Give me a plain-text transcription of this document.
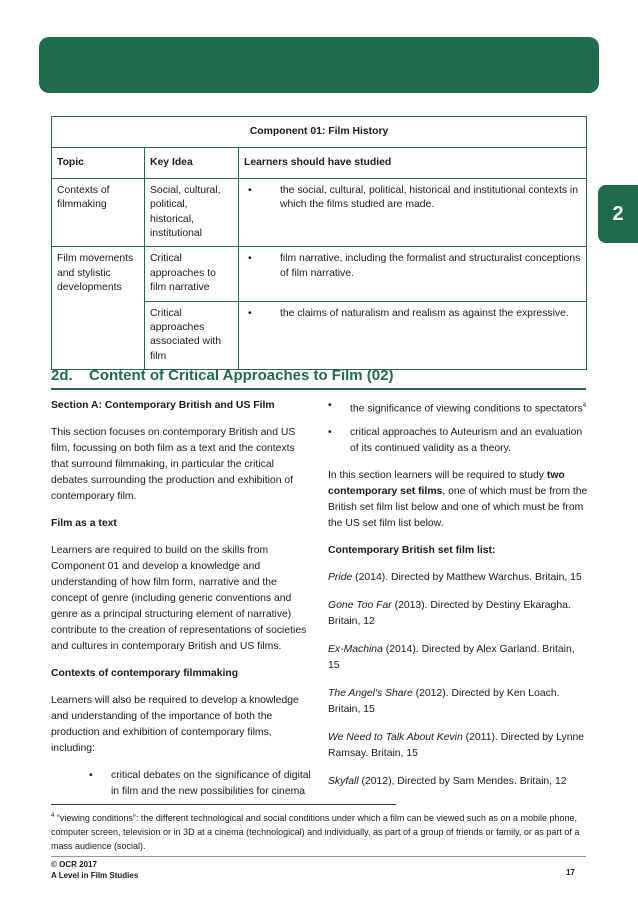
2
Component 01: Film History		
Topic	Key Idea	Learners should have studied
Contexts of filmmaking	Social, cultural, political, historical, institutional	• the social, cultural, political, historical and institutional contexts in which the films studied are made.

Film movements and stylistic developments	Critical approaches to film narrative	• film narrative, including the formalist and structuralist conceptions of film narrative.

	Critical approaches associated with film	• the claims of naturalism and realism as against the expressive.
2d. Content of Critical Approaches to Film (02)

Section A: Contemporary British and US Film

This section focuses on contemporary British and US film, focussing on both film as a text and the contexts that surround filmmaking, in particular the critical debates surrounding the production and exhibition of contemporary film.

Film as a text

Learners are required to build on the skills from Component 01 and develop a knowledge and understanding of how film form, narrative and the concept of genre (including generic conventions and genre as a principal structuring element of narrative) contribute to the creation of representations of societies and cultures in contemporary British and US films.

Contexts of contemporary filmmaking

Learners will also be required to develop a knowledge and understanding of the importance of both the production and exhibition of contemporary films, including:

•	critical debates on the significance of digital in film and the new possibilities for cinema
•	the significance of viewing conditions to spectators$^4$
•	critical approaches to Auteurism and an evaluation of its continued validity as a theory.

In this section learners will be required to study two contemporary set films, one of which must be from the British set film list below and one of which must be from the US set film list below.

Contemporary British set film list:

Pride (2014). Directed by Matthew Warchus. Britain, 15
Gone Too Far (2013). Directed by Destiny Ekaragha. Britain, 12
Ex-Machina (2014). Directed by Alex Garland. Britain, 15
The Angel's Share (2012). Directed by Ken Loach. Britain, 15
We Need to Talk About Kevin (2011). Directed by Lynne Ramsay. Britain, 15
Skyfall (2012), Directed by Sam Mendes. Britain, 12
$^4$ “viewing conditions”: the different technological and social conditions under which a film can be viewed such as on a mobile phone, computer screen, television or in 3D at a cinema (technological) and individually, as part of a group of friends or family, or as part of a mass audience (social).
© OCR 2017
A Level in Film Studies	17
